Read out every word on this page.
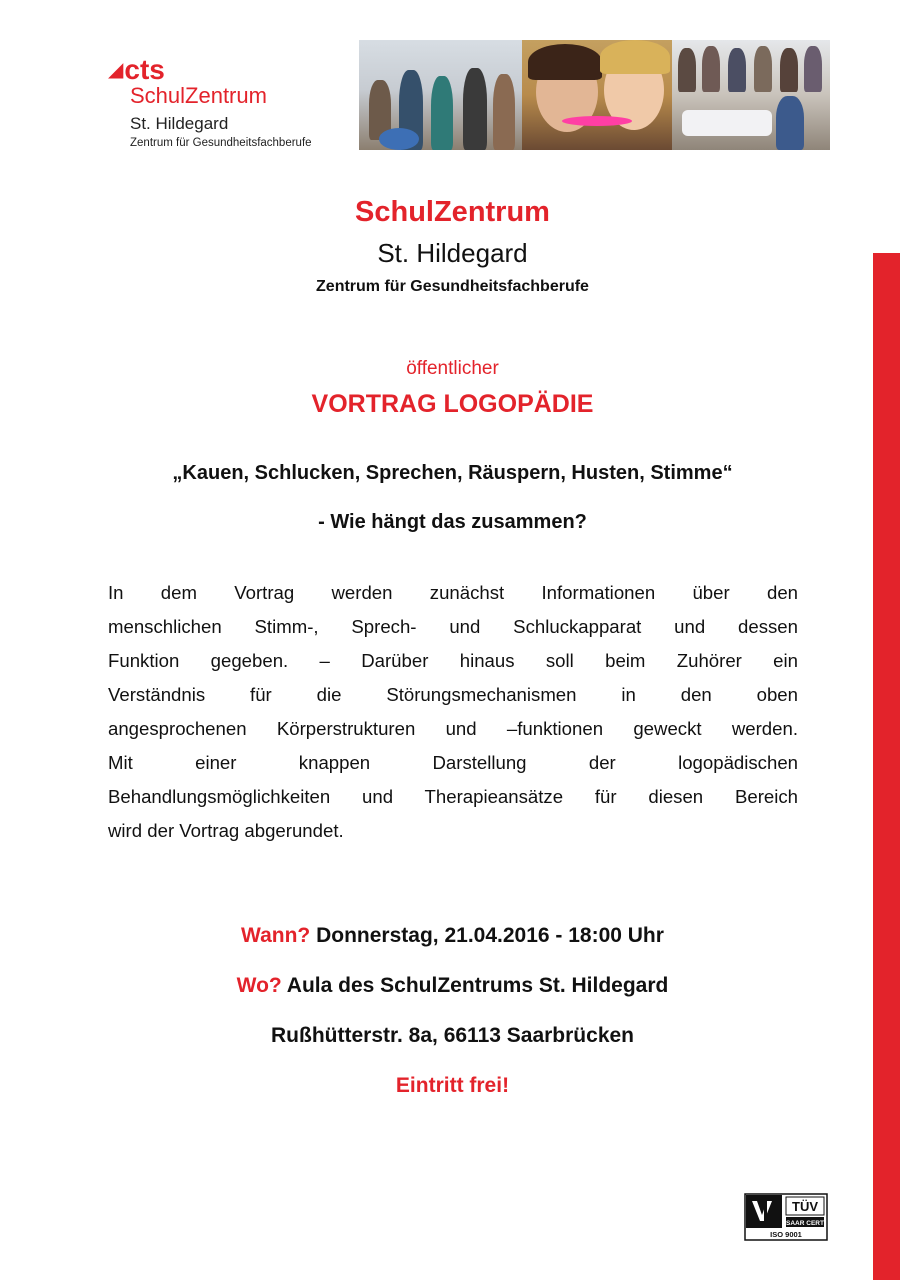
◢cts
SchulZentrum
St. Hildegard
Zentrum für Gesundheitsfachberufe
SchulZentrum
St. Hildegard
Zentrum für Gesundheitsfachberufe
öffentlicher
VORTRAG LOGOPÄDIE
„Kauen, Schlucken, Sprechen, Räuspern, Husten, Stimme“
- Wie hängt das zusammen?

In dem Vortrag werden zunächst Informationen über den

menschlichen Stimm-, Sprech- und Schluckapparat und dessen

Funktion gegeben. – Darüber hinaus soll beim Zuhörer ein

Verständnis für die Störungsmechanismen in den oben

angesprochenen Körperstrukturen und –funktionen geweckt werden.

Mit einer knappen Darstellung der logopädischen

Behandlungsmöglichkeiten und Therapieansätze für diesen Bereich

wird der Vortrag abgerundet.

Wann? Donnerstag, 21.04.2016 - 18:00 Uhr
Wo? Aula des SchulZentrums St. Hildegard
Rußhütterstr. 8a, 66113 Saarbrücken
Eintritt frei!
TÜV
SAAR CERT
ISO 9001
